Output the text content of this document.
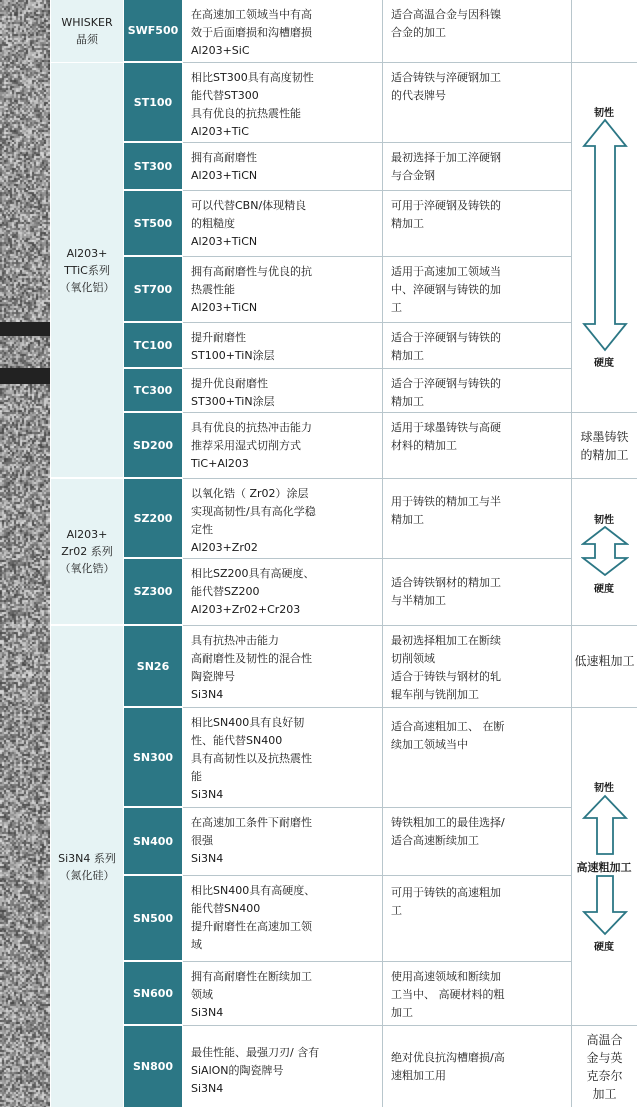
WHISKER
晶须
Al203+
TTiC系列
（氧化铝）
Al203+
Zr02 系列
（氧化锆）
Si3N4 系列
（氮化硅）
SWF500
ST100
ST300
ST500
ST700
TC100
TC300
SD200
SZ200
SZ300
SN26
SN300
SN400
SN500
SN600
SN800
在高速加工领域当中有高
效于后面磨损和沟槽磨损
Al203+SiC
相比ST300具有高度韧性
能代替ST300
具有优良的抗热震性能
Al203+TiC
拥有高耐磨性
Al203+TiCN
可以代替CBN/体现精良
的粗糙度
Al203+TiCN
拥有高耐磨性与优良的抗
热震性能
Al203+TiCN
提升耐磨性
ST100+TiN涂层
提升优良耐磨性
ST300+TiN涂层
具有优良的抗热冲击能力
推荐采用湿式切削方式
TiC+Al203
以氧化锆（ Zr02）涂层
实现高韧性/具有高化学稳
定性
Al203+Zr02
相比SZ200具有高硬度、
能代替SZ200
Al203+Zr02+Cr203
具有抗热冲击能力
高耐磨性及韧性的混合性
陶瓷牌号
Si3N4
相比SN400具有良好韧
性、能代替SN400
具有高韧性以及抗热震性
能
Si3N4
在高速加工条件下耐磨性
很强
Si3N4
相比SN400具有高硬度、
能代替SN400
提升耐磨性在高速加工领
域
拥有高耐磨性在断续加工
领域
Si3N4
最佳性能、最强刀刃/ 含有
SiAlON的陶瓷牌号
Si3N4
适合高温合金与因科镍
合金的加工
适合铸铁与淬硬钢加工
的代表牌号
最初选择于加工淬硬钢
与合金钢
可用于淬硬钢及铸铁的
精加工
适用于高速加工领域当
中、淬硬钢与铸铁的加
工
适合于淬硬钢与铸铁的
精加工
适合于淬硬钢与铸铁的
精加工
适用于球墨铸铁与高硬
材料的精加工
用于铸铁的精加工与半
精加工
适合铸铁钢材的精加工
与半精加工
最初选择粗加工在断续
切削领域
适合于铸铁与钢材的轧
辊车削与铣削加工
适合高速粗加工、 在断
续加工领域当中
铸铁粗加工的最佳选择/
适合高速断续加工
可用于铸铁的高速粗加
工
使用高速领域和断续加
工当中、 高硬材料的粗
加工
绝对优良抗沟槽磨损/高
速粗加工用
韧性
硬度
球墨铸铁
的精加工
韧性
硬度
低速粗加工
韧性
高速粗加工
硬度
高温合
金与英
克奈尔
加工
